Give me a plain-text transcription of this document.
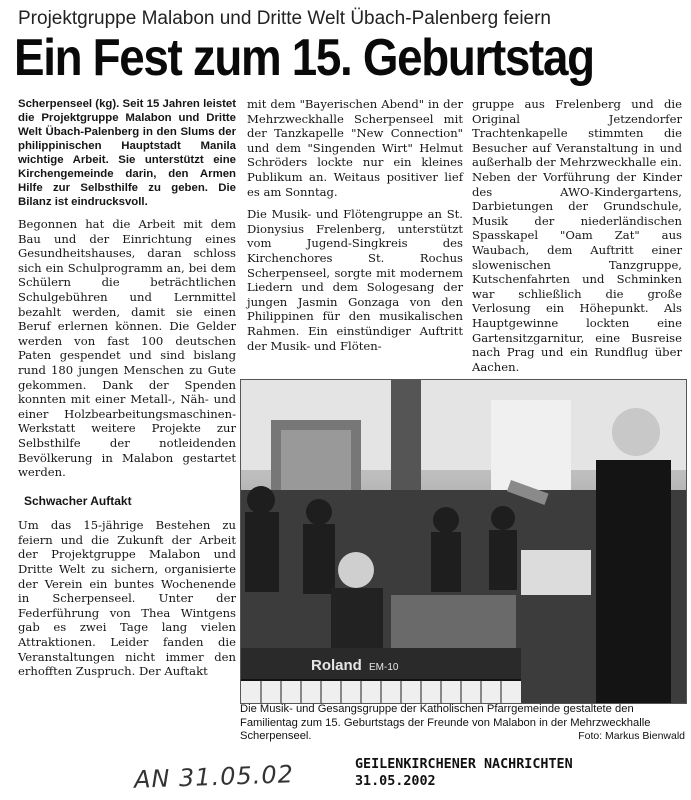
Projektgruppe Malabon und Dritte Welt Übach-Palenberg feiern
Ein Fest zum 15. Geburtstag

Scherpenseel (kg). Seit 15 Jahren leistet die Projektgruppe Malabon und Dritte Welt Übach-Palenberg in den Slums der philippinischen Hauptstadt Manila wichtige Arbeit. Sie unterstützt eine Kirchengemeinde darin, den Armen Hilfe zur Selbsthilfe zu geben. Die Bilanz ist eindrucksvoll.

Begonnen hat die Arbeit mit dem Bau und der Einrichtung eines Gesundheitshauses, daran schloss sich ein Schulprogramm an, bei dem Schülern die beträchtlichen Schulgebühren und Lernmittel bezahlt werden, damit sie einen Beruf erlernen können. Die Gelder werden von fast 100 deutschen Paten gespendet und sind bislang rund 180 jungen Menschen zu Gute gekommen. Dank der Spenden konnten mit einer Metall-, Näh- und einer Holzbearbeitungsmaschinen-Werkstatt weitere Projekte zur Selbsthilfe der notleidenden Bevölkerung in Malabon gestartet werden.

Schwacher Auftakt

Um das 15-jährige Bestehen zu feiern und die Zukunft der Arbeit der Projektgruppe Malabon und Dritte Welt zu sichern, organisierte der Verein ein buntes Wochenende in Scherpenseel. Unter der Federführung von Thea Wintgens gab es zwei Tage lang vielen Attraktionen. Leider fanden die Veranstaltungen nicht immer den erhofften Zuspruch. Der Auftakt

mit dem "Bayerischen Abend" in der Mehrzweckhalle Scherpenseel mit der Tanzkapelle "New Connection" und dem "Singenden Wirt" Helmut Schröders lockte nur ein kleines Publikum an. Weitaus positiver lief es am Sonntag.

Die Musik- und Flötengruppe an St. Dionysius Frelenberg, unterstützt vom Jugend-Singkreis des Kirchenchores St. Rochus Scherpenseel, sorgte mit modernem Liedern und dem Sologesang der jungen Jasmin Gonzaga von den Philippinen für den musikalischen Rahmen. Ein einstündiger Auftritt der Musik- und Flöten-

gruppe aus Frelenberg und die Original Jetzendorfer Trachtenkapelle stimmten die Besucher auf Veranstaltung in und außerhalb der Mehrzweckhalle ein. Neben der Vorführung der Kinder des AWO-Kindergartens, Darbietungen der Grundschule, Musik der niederländischen Spasskapel "Oam Zat" aus Waubach, dem Auftritt einer slowenischen Tanzgruppe, Kutschenfahrten und Schminken war schließlich die große Verlosung ein Höhepunkt. Als Hauptgewinne lockten eine Gartensitzgarnitur, eine Busreise nach Prag und ein Rundflug über Aachen.

Roland EM-10
Die Musik- und Gesangsgruppe der Katholischen Pfarrgemeinde gestaltete den Familientag zum 15. Geburtstags der Freunde von Malabon in der Mehrzweckhalle Scherpenseel.	Foto: Markus Bienwald
AN 31.05.02	GEILENKIRCHENER NACHRICHTEN
31.05.2002
